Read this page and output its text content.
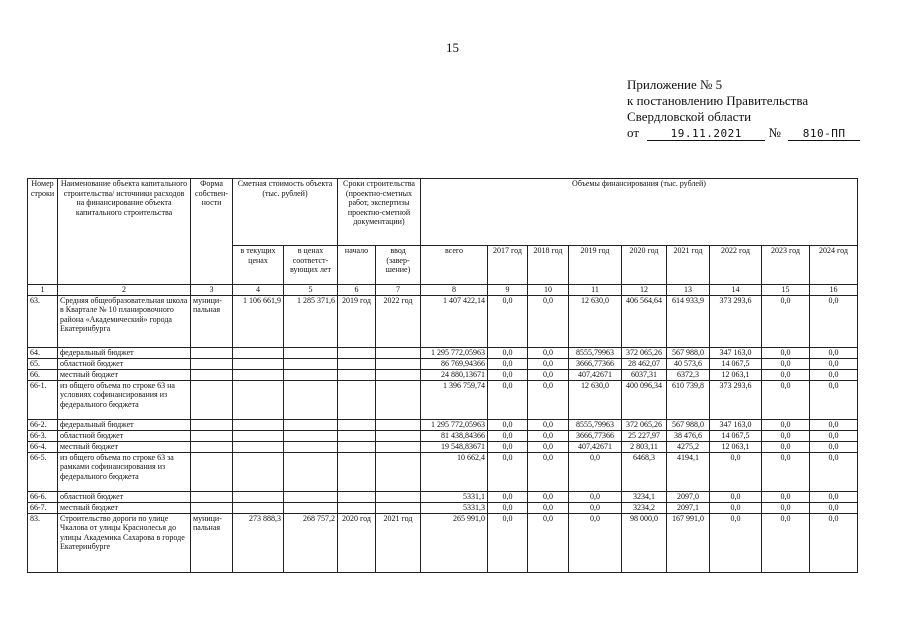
15
Приложение № 5
к постановлению Правительства
Свердловской области
от	19.11.2021 № 810-ПП
Номер строки	Наименование объекта капитального строительства/ источники расходов на финансирование объекта капитального строительства	Форма собствен-ности	Сметная стоимость объекта (тыс. рублей)		Сроки строительства (проектно-сметных работ, экспертизы проектно-сметной документации)		Объемы финансирования (тыс. рублей)								
			в текущих ценах	в ценах соответст-вующих лет	начало	ввод (завер-шение)	всего	2017 год	2018 год	2019 год	2020 год	2021 год	2022 год	2023 год	2024 год
1	2	3	4	5	6	7	8	9	10	11	12	13	14	15	16
63.	Средняя общеобразовательная школа в Квартале № 10 планировочного района «Академический» города Екатеринбурга	муници-пальная	1 106 661,9	1 285 371,6	2019 год	2022 год	1 407 422,14	0,0	0,0	12 630,0	406 564,64	614 933,9	373 293,6	0,0	0,0
64.	федеральный бюджет						1 295 772,05963	0,0	0,0	8555,79963	372 065,26	567 988,0	347 163,0	0,0	0,0
65.	областной бюджет						86 769,94366	0,0	0,0	3666,77366	28 462,07	40 573,6	14 067,5	0,0	0,0
66.	местный бюджет						24 880,13671	0,0	0,0	407,42671	6037,31	6372,3	12 063,1	0,0	0,0
66-1.	из общего объема по строке 63 на условиях софинансирования из федерального бюджета						1 396 759,74	0,0	0,0	12 630,0	400 096,34	610 739,8	373 293,6	0,0	0,0
66-2.	федеральный бюджет						1 295 772,05963	0,0	0,0	8555,79963	372 065,26	567 988,0	347 163,0	0,0	0,0
66-3.	областной бюджет						81 438,84366	0,0	0,0	3666,77366	25 227,97	38 476,6	14 067,5	0,0	0,0
66-4.	местный бюджет						19 548,83671	0,0	0,0	407,42671	2 803,11	4275,2	12 063,1	0,0	0,0
66-5.	из общего объема по строке 63 за рамками софинансирования из федерального бюджета						10 662,4	0,0	0,0	0,0	6468,3	4194,1	0,0	0,0	0,0
66-6.	областной бюджет						5331,1	0,0	0,0	0,0	3234,1	2097,0	0,0	0,0	0,0
66-7.	местный бюджет						5331,3	0,0	0,0	0,0	3234,2	2097,1	0,0	0,0	0,0
83.	Строительство дороги по улице Чкалова от улицы Краснолесья до улицы Академика Сахарова в городе Екатеринбурге	муници-пальная	273 888,3	268 757,2	2020 год	2021 год	265 991,0	0,0	0,0	0,0	98 000,0	167 991,0	0,0	0,0	0,0
